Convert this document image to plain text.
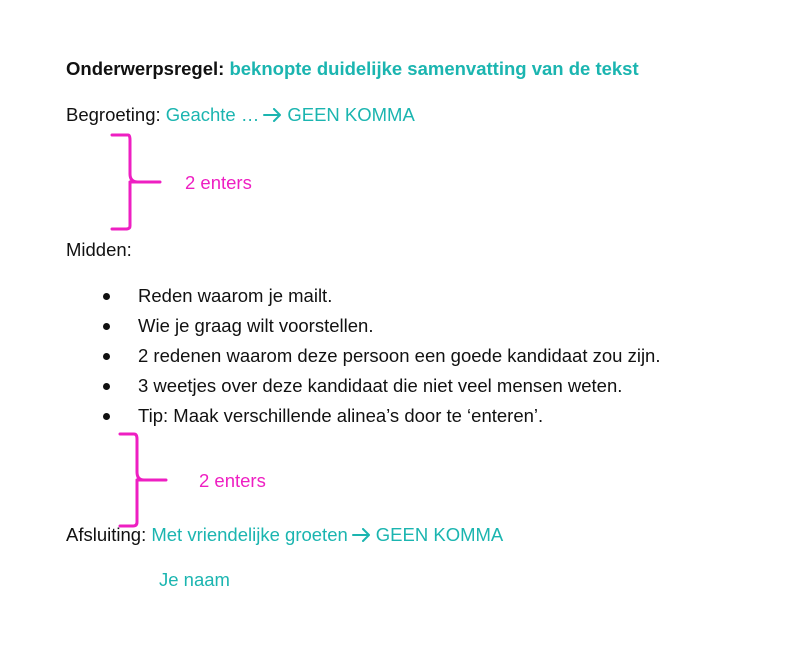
Onderwerpsregel: beknopte duidelijke samenvatting van de tekst
Begroeting: Geachte … GEEN KOMMA
2 enters
Midden:
Reden waarom je mailt.
Wie je graag wilt voorstellen.
2 redenen waarom deze persoon een goede kandidaat zou zijn.
3 weetjes over deze kandidaat die niet veel mensen weten.
Tip: Maak verschillende alinea’s door te ‘enteren’.
2 enters
Afsluiting: Met vriendelijke groeten GEEN KOMMA
Je naam
